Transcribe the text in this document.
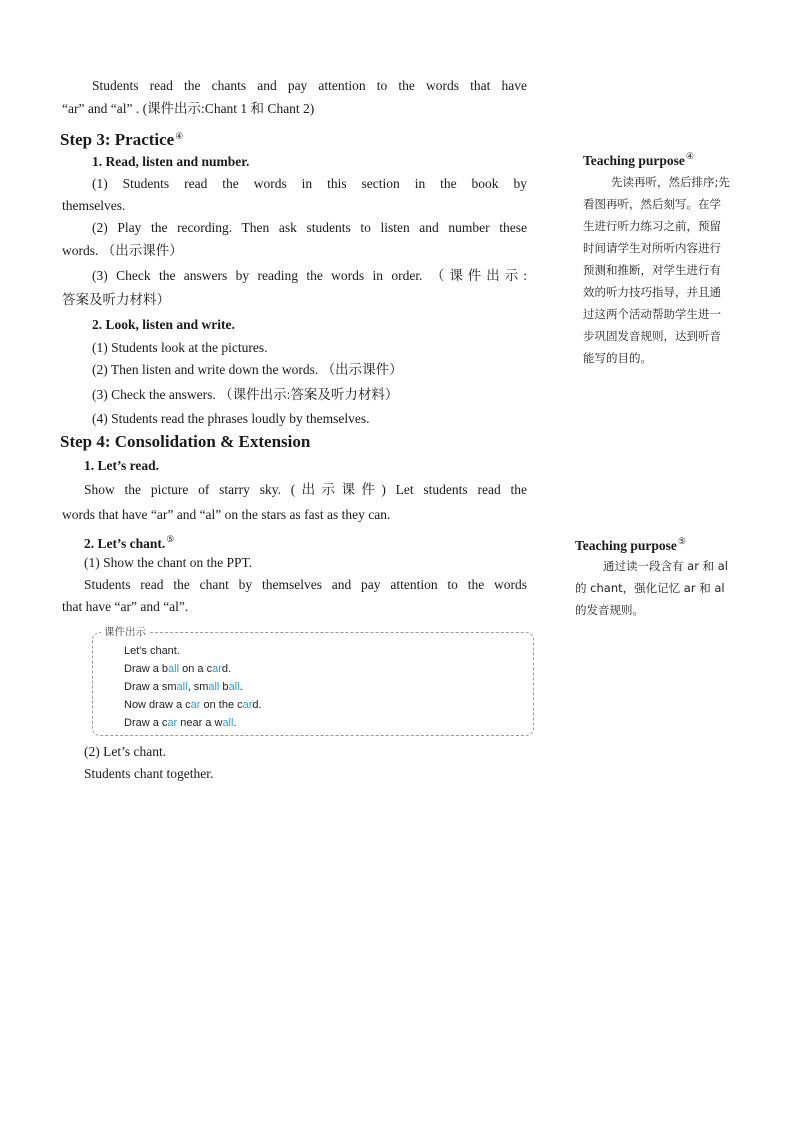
Students read the chants and pay attention to the words that have
“ar” and “al” . (课件出示:Chant 1 和 Chant 2)
Step 3: Practice④
1. Read, listen and number.
(1) Students read the words in this section in the book by
themselves.
(2) Play the recording. Then ask students to listen and number these
words. （出示课件）
(3) Check the answers by reading the words in order. （课件出示:
答案及听力材料）
2. Look, listen and write.
(1) Students look at the pictures.
(2) Then listen and write down the words. （出示课件）
(3) Check the answers. （课件出示:答案及听力材料）
(4) Students read the phrases loudly by themselves.
Step 4: Consolidation & Extension
1. Let’s read.
Show the picture of starry sky. (出示课件) Let students read the
words that have “ar” and “al” on the stars as fast as they can.
2. Let’s chant.⑤
(1) Show the chant on the PPT.
Students read the chant by themselves and pay attention to the words
that have “ar” and “al”.
课件出示
Let's chant.
Draw a ball on a card.
Draw a small, small ball.
Now draw a car on the card.
Draw a car near a wall.
(2) Let’s chant.
Students chant together.
Teaching purpose④
先读再听，然后排序;先
看图再听，然后刻写。在学
生进行听力练习之前，预留
时间请学生对所听内容进行
预测和推断，对学生进行有
效的听力技巧指导，并且通
过这两个活动帮助学生进一
步巩固发音规则，达到听音
能写的目的。
Teaching purpose⑤
通过读一段含有 ar 和 al
的 chant，强化记忆 ar 和 al
的发音规则。
